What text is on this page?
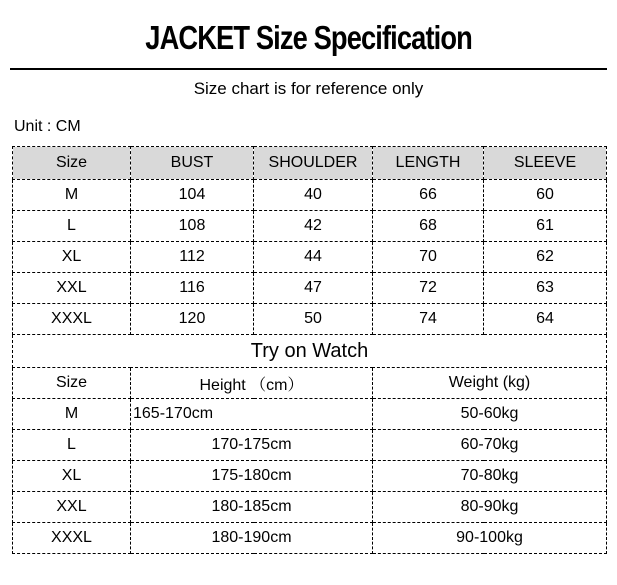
JACKET Size Specification
Size chart is for reference only
Unit : CM
Size	BUST	SHOULDER	LENGTH	SLEEVE
M	104	40	66	60
L	108	42	68	61
XL	112	44	70	62
XXL	116	47	72	63
XXXL	120	50	74	64
Try on Watch				
Size	Height （cm）		Weight (kg)	
M	165-170cm		50-60kg	
L	170-175cm		60-70kg	
XL	175-180cm		70-80kg	
XXL	180-185cm		80-90kg	
XXXL	180-190cm		90-100kg	
